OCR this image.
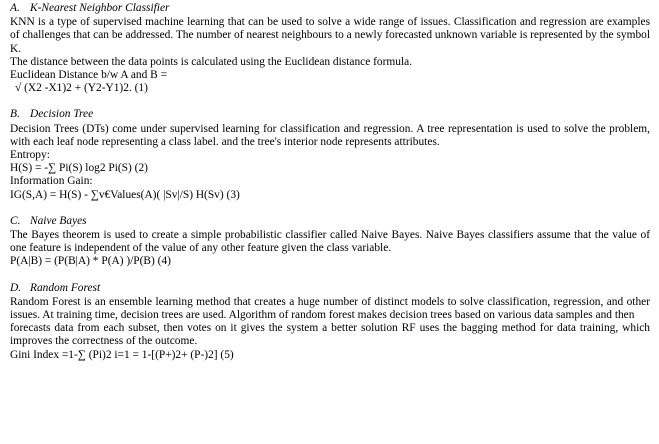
A. K-Nearest Neighbor Classifier
KNN is a type of supervised machine learning that can be used to solve a wide range of issues. Classification and regression are examples of challenges that can be addressed. The number of nearest neighbours to a newly forecasted unknown variable is represented by the symbol K.
The distance between the data points is calculated using the Euclidean distance formula.
Euclidean Distance b/w A and B =
√ (X2 -X1)2 + (Y2-Y1)2. (1)
B. Decision Tree
Decision Trees (DTs) come under supervised learning for classification and regression. A tree representation is used to solve the problem, with each leaf node representing a class label. and the tree's interior node represents attributes.
Entropy:
H(S) = -∑ Pi(S) log2 Pi(S) (2)
Information Gain:
IG(S,A) = H(S) - ∑v€Values(A)( |Sv|/S) H(Sv) (3)
C. Naive Bayes
The Bayes theorem is used to create a simple probabilistic classifier called Naive Bayes. Naive Bayes classifiers assume that the value of one feature is independent of the value of any other feature given the class variable.
P(A|B) = (P(B|A) * P(A) )/P(B) (4)
D. Random Forest
Random Forest is an ensemble learning method that creates a huge number of distinct models to solve classification, regression, and other issues. At training time, decision trees are used. Algorithm of random forest makes decision trees based on various data samples and then
forecasts data from each subset, then votes on it gives the system a better solution RF uses the bagging method for data training, which improves the correctness of the outcome.
Gini Index =1-∑ (Pi)2 i=1 = 1-[(P+)2+ (P-)2] (5)
